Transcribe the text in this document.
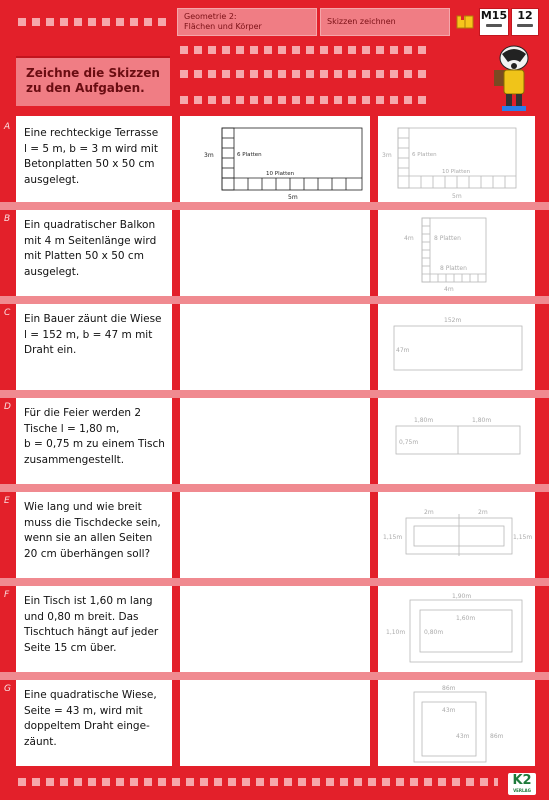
Geometrie 2:
Flächen und Körper
Skizzen zeichnen	M15 12
Zeichne die Skizzen
zu den Aufgaben.
A Eine rechteckige Terrasse
l = 5 m, b = 3 m wird mit
Betonplatten 50 x 50 cm
ausgelegt.
B Ein quadratischer Balkon
mit 4 m Seitenlänge wird
mit Platten 50 x 50 cm
ausgelegt.
C Ein Bauer zäunt die Wiese
l = 152 m, b = 47 m mit
Draht ein.
D Für die Feier werden 2
Tische l = 1,80 m,
b = 0,75 m zu einem Tisch
zusammengestellt.
E Wie lang und wie breit
muss die Tischdecke sein,
wenn sie an allen Seiten
20 cm überhängen soll?
F Ein Tisch ist 1,60 m lang
und 0,80 m breit. Das
Tischtuch hängt auf jeder
Seite 15 cm über.
G Eine quadratische Wiese,
Seite = 43 m, wird mit
doppeltem Draht einge-
zäunt.
3m	6 Platten
10 Platten
5m
3m	6 Platten
10 Platten
5m
4m	8 Platten
8 Platten
4m
152m
47m
1,80m	1,80m
0,75m
2m	2m
1,15m	1,15m
1,90m
1,60m
1,10m	0,80m
86m
43m
43m	86m
K2
VERLAG
